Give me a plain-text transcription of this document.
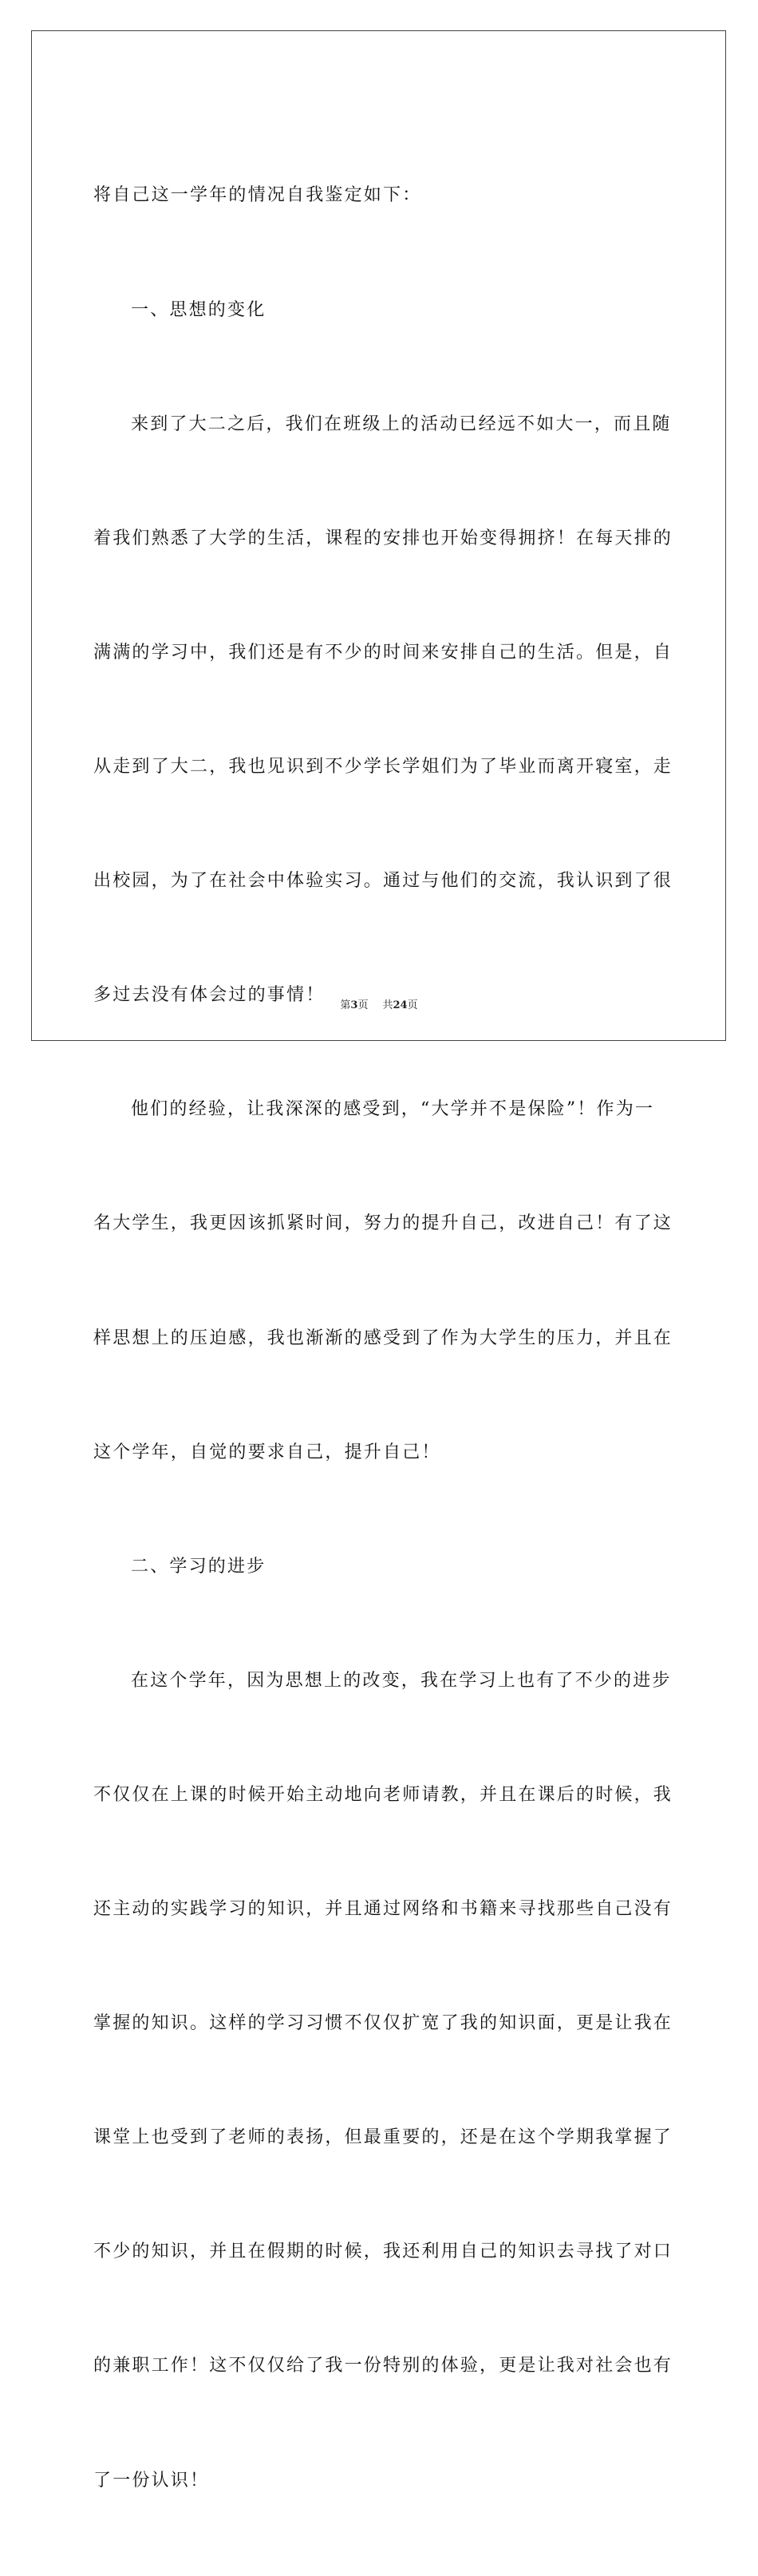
将自己这一学年的情况自我鉴定如下：

一、思想的变化

来到了大二之后，我们在班级上的活动已经远不如大一，而且随

着我们熟悉了大学的生活，课程的安排也开始变得拥挤！在每天排的

满满的学习中，我们还是有不少的时间来安排自己的生活。但是，自

从走到了大二，我也见识到不少学长学姐们为了毕业而离开寝室，走

出校园，为了在社会中体验实习。通过与他们的交流，我认识到了很

多过去没有体会过的事情！

他们的经验，让我深深的感受到，“大学并不是保险”！作为一

名大学生，我更因该抓紧时间，努力的提升自己，改进自己！有了这

样思想上的压迫感，我也渐渐的感受到了作为大学生的压力，并且在

这个学年，自觉的要求自己，提升自己！

二、学习的进步

在这个学年，因为思想上的改变，我在学习上也有了不少的进步

不仅仅在上课的时候开始主动地向老师请教，并且在课后的时候，我

还主动的实践学习的知识，并且通过网络和书籍来寻找那些自己没有

掌握的知识。这样的学习习惯不仅仅扩宽了我的知识面，更是让我在

课堂上也受到了老师的表扬，但最重要的，还是在这个学期我掌握了

不少的知识，并且在假期的时候，我还利用自己的知识去寻找了对口

的兼职工作！这不仅仅给了我一份特别的体验，更是让我对社会也有

了一份认识！

第3页 共24页
